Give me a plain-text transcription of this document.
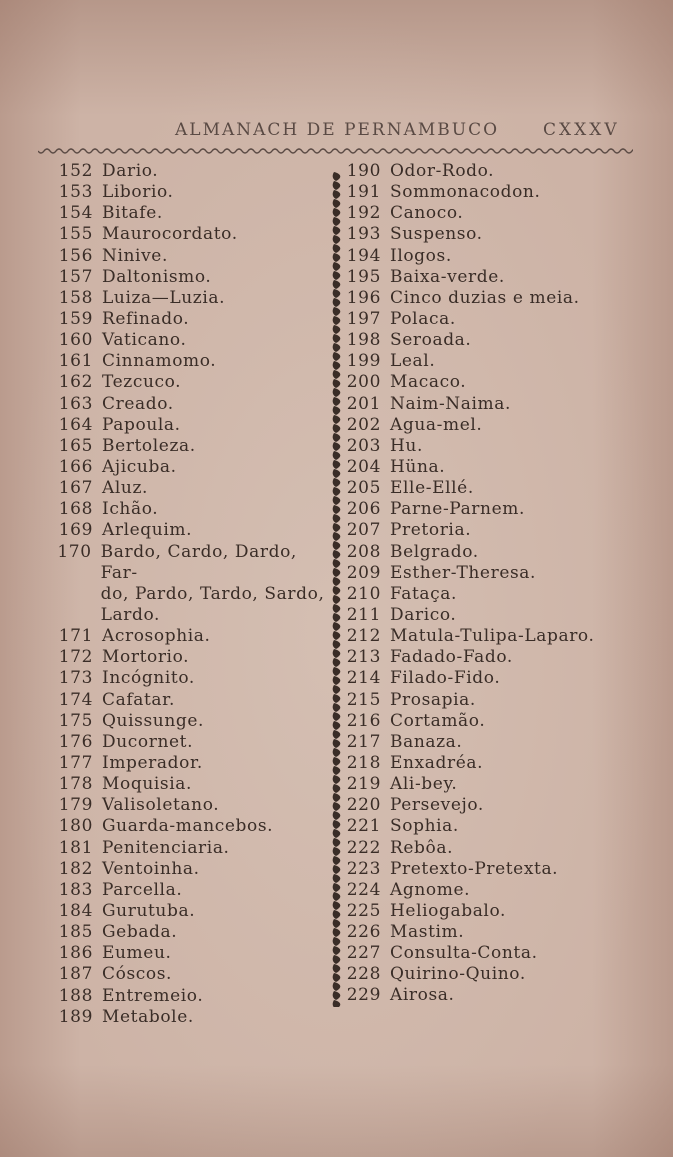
ALMANACH DE PERNAMBUCO	CXXXV
152 Dario.
153 Liborio.
154 Bitafe.
155 Maurocordato.
156 Ninive.
157 Daltonismo.
158 Luiza—Luzia.
159 Refinado.
160 Vaticano.
161 Cinnamomo.
162 Tezcuco.
163 Creado.
164 Papoula.
165 Bertoleza.
166 Ajicuba.
167 Aluz.
168 Ichão.
169 Arlequim.
170 Bardo, Cardo, Dardo, Far-
do, Pardo, Tardo, Sardo,
Lardo.
171 Acrosophia.
172 Mortorio.
173 Incógnito.
174 Cafatar.
175 Quissunge.
176 Ducornet.
177 Imperador.
178 Moquisia.
179 Valisoletano.
180 Guarda-mancebos.
181 Penitenciaria.
182 Ventoinha.
183 Parcella.
184 Gurutuba.
185 Gebada.
186 Eumeu.
187 Cóscos.
188 Entremeio.
189 Metabole.
190 Odor-Rodo.
191 Sommonacodon.
192 Canoco.
193 Suspenso.
194 Ilogos.
195 Baixa-verde.
196 Cinco duzias e meia.
197 Polaca.
198 Seroada.
199 Leal.
200 Macaco.
201 Naim-Naima.
202 Agua-mel.
203 Hu.
204 Hüna.
205 Elle-Ellé.
206 Parne-Parnem.
207 Pretoria.
208 Belgrado.
209 Esther-Theresa.
210 Fataça.
211 Darico.
212 Matula-Tulipa-Laparo.
213 Fadado-Fado.
214 Filado-Fido.
215 Prosapia.
216 Cortamão.
217 Banaza.
218 Enxadréa.
219 Ali-bey.
220 Persevejo.
221 Sophia.
222 Rebôa.
223 Pretexto-Pretexta.
224 Agnome.
225 Heliogabalo.
226 Mastim.
227 Consulta-Conta.
228 Quirino-Quino.
229 Airosa.
